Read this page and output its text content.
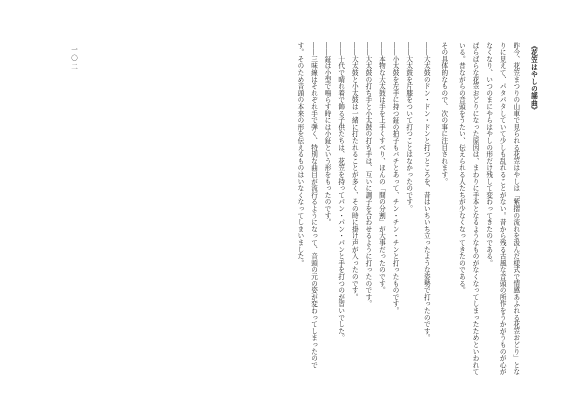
《花笠はやしの謡曲》

昨今、花笠まつりの山車で見られる花笠はやしは「紫摺の流れを汲んだ様式で情感あふれる花笠おどり」となりに見えて、パタパタしていて少しも乱れることがない。昔から残る古風な音頭の所作をうかがうものが心がなくなり、いつのまにやらはやしの形だけ残して変わってきたのである。

ばらばらな花笠おどりになった原因は、まわりに手本となるようなものがなくなってしまったためといわれている。昔ながらの音頭をうたい、伝えられる人たちが少なくなってきたのである。

その具体的なもので、次の事に注目されます。

――大太鼓のドン・ドン・ドンと打つところを、昔はいちいち立ったような姿勢で打ったのです。

――大太鼓を片膝をついて打つことはなかったのです。

――小太鼓を左手に持つ鉦の拍子もバチとあって、チン・チン・チンと打ったものです。

――本物な大太鼓は手を上手くすべり、ほんの「間の分割」が大事だったのです。

――大太鼓の打ち手と小太鼓の打ち手は、互いに調子を合わせるように打ったのです。

――大太鼓と小太鼓は一緒に打たれることが多く、その時に掛け声が入ったのです。

――十代で晴れ着で飾る子供たちは、花笠を持ってパン・パン・パンと手を打つのが習いでした。

――鉦は小型で鳴らす時には小鉦という形をもったのです。

――三味線はそれぞれ手で弾く、特別な曲目が流行るようになって、音頭の元の姿が変わってしまったのです。そのため音頭の本来の形を伝えるものはいなくなってしまいました。

一〇二
